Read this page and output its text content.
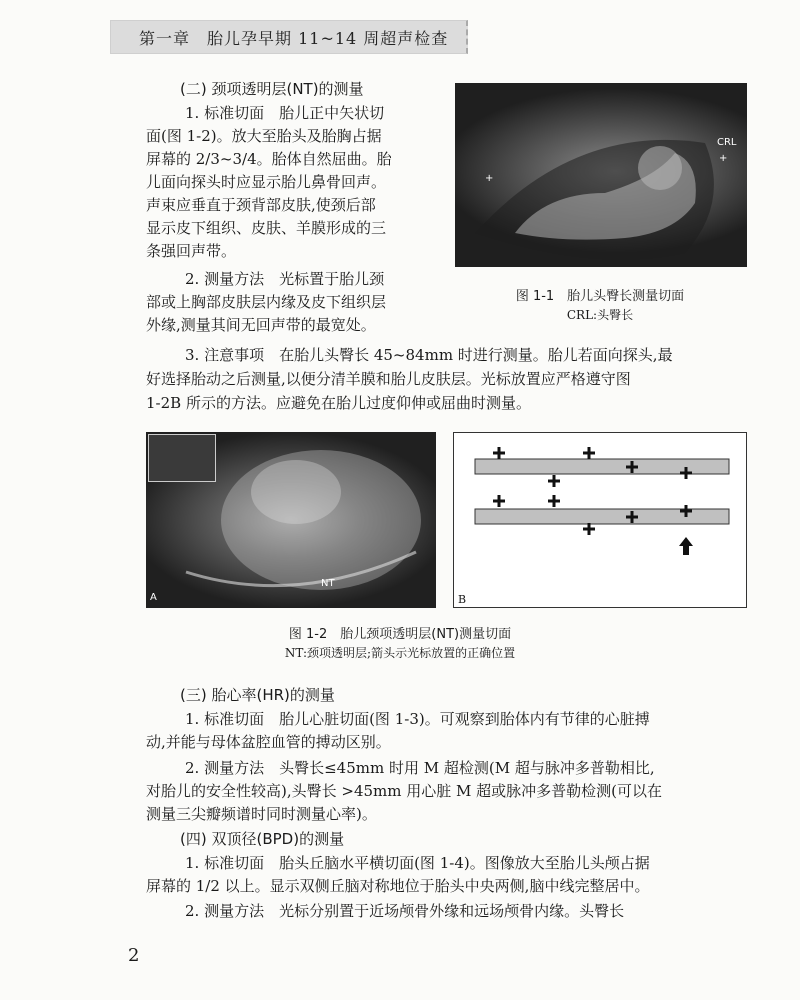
第一章　胎儿孕早期 11~14 周超声检查
(二) 颈项透明层(NT)的测量
1. 标准切面　胎儿正中矢状切
面(图 1-2)。放大至胎头及胎胸占据
屏幕的 2/3~3/4。胎体自然屈曲。胎
儿面向探头时应显示胎儿鼻骨回声。
声束应垂直于颈背部皮肤,使颈后部
显示皮下组织、皮肤、羊膜形成的三
条强回声带。
2. 测量方法　光标置于胎儿颈
部或上胸部皮肤层内缘及皮下组织层
外缘,测量其间无回声带的最宽处。
3. 注意事项　在胎儿头臀长 45~84mm 时进行测量。胎儿若面向探头,最
好选择胎动之后测量,以便分清羊膜和胎儿皮肤层。光标放置应严格遵守图
1-2B 所示的方法。应避免在胎儿过度仰伸或屈曲时测量。
CRL
+
+
图 1-1　胎儿头臀长测量切面
CRL:头臀长
NT
A	B
图 1-2　胎儿颈项透明层(NT)测量切面
NT:颈项透明层;箭头示光标放置的正确位置
(三) 胎心率(HR)的测量
1. 标准切面　胎儿心脏切面(图 1-3)。可观察到胎体内有节律的心脏搏
动,并能与母体盆腔血管的搏动区别。
2. 测量方法　头臀长≤45mm 时用 M 超检测(M 超与脉冲多普勒相比,
对胎儿的安全性较高),头臀长 >45mm 用心脏 M 超或脉冲多普勒检测(可以在
测量三尖瓣频谱时同时测量心率)。
(四) 双顶径(BPD)的测量
1. 标准切面　胎头丘脑水平横切面(图 1-4)。图像放大至胎儿头颅占据
屏幕的 1/2 以上。显示双侧丘脑对称地位于胎头中央两侧,脑中线完整居中。
2. 测量方法　光标分别置于近场颅骨外缘和远场颅骨内缘。头臀长
2
